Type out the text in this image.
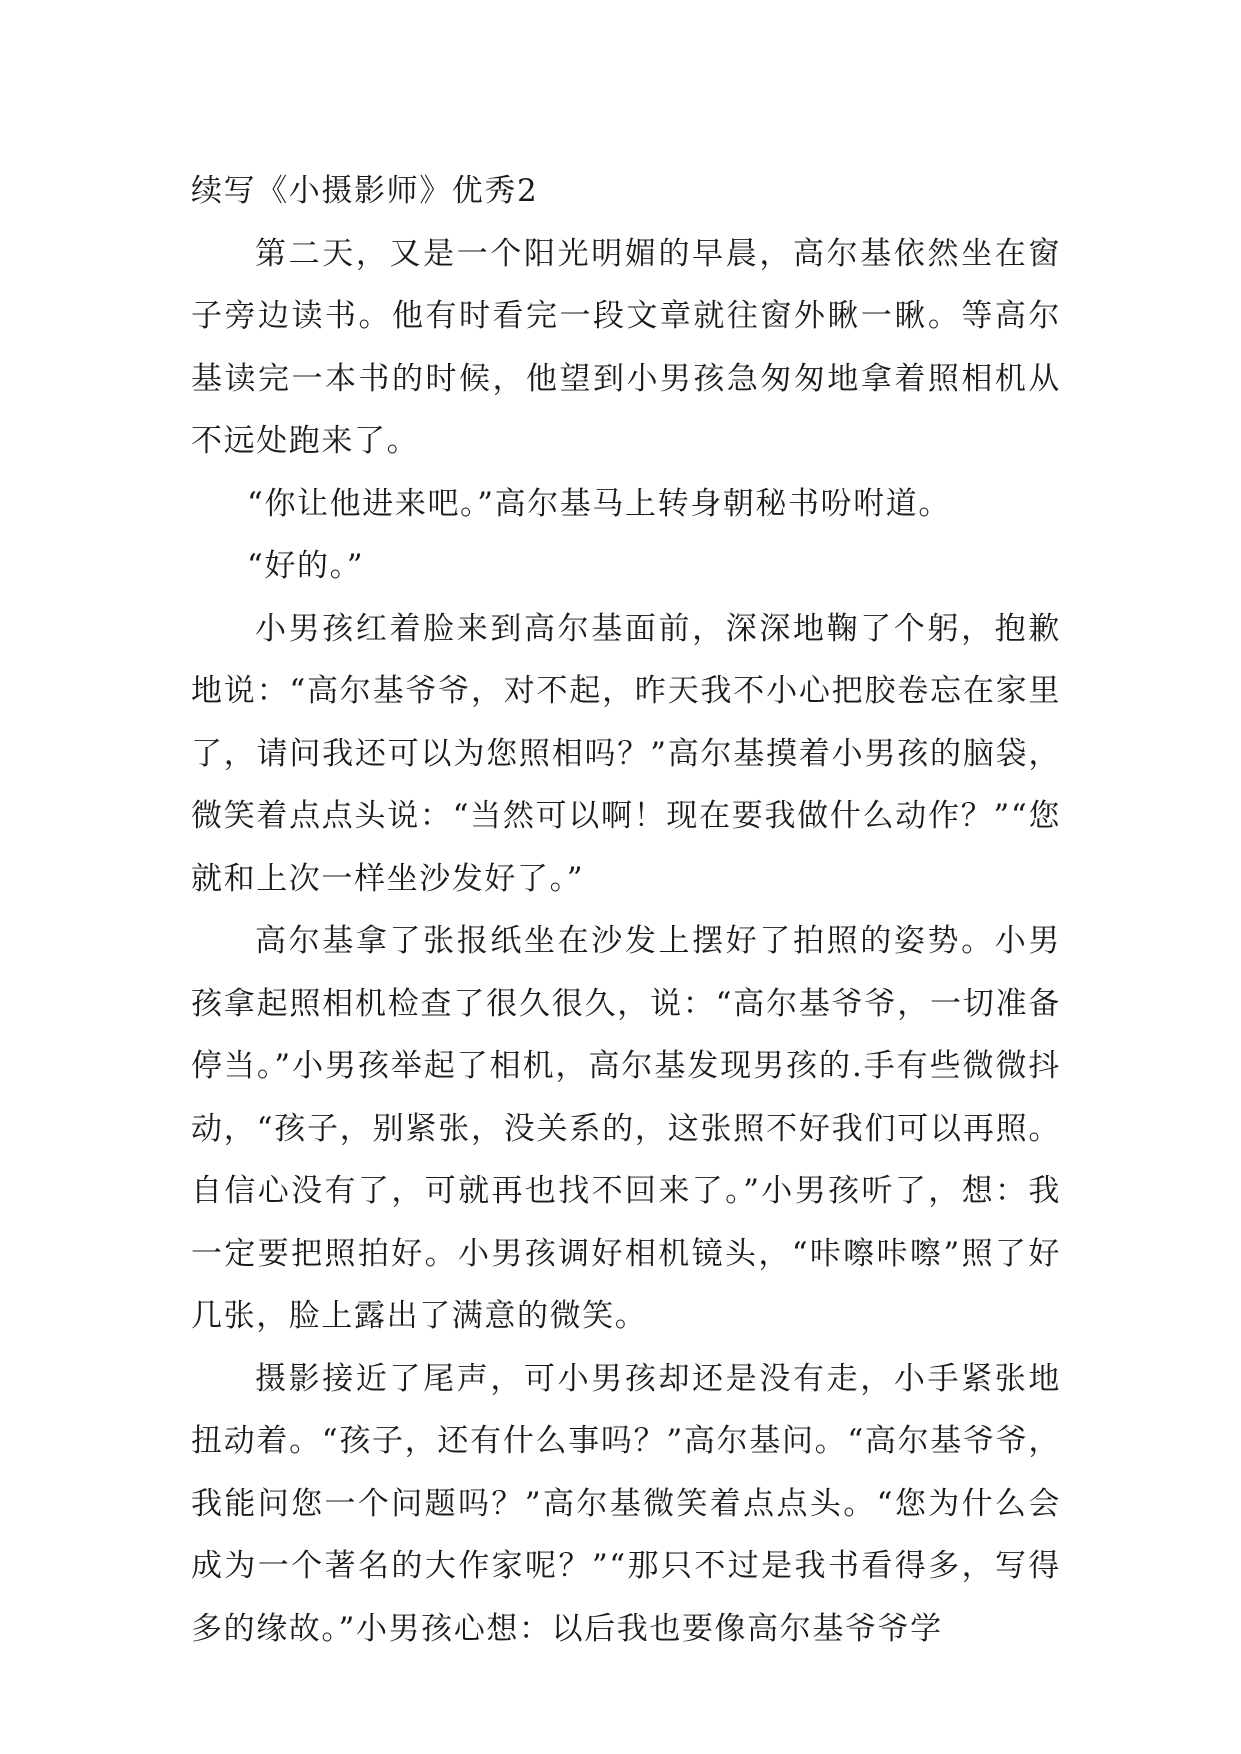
续写《小摄影师》优秀2

第二天，又是一个阳光明媚的早晨，高尔基依然坐在窗子旁边读书。他有时看完一段文章就往窗外瞅一瞅。等高尔基读完一本书的时候，他望到小男孩急匆匆地拿着照相机从不远处跑来了。

“你让他进来吧。”高尔基马上转身朝秘书吩咐道。

“好的。”

小男孩红着脸来到高尔基面前，深深地鞠了个躬，抱歉地说：“高尔基爷爷，对不起，昨天我不小心把胶卷忘在家里了，请问我还可以为您照相吗？”高尔基摸着小男孩的脑袋，微笑着点点头说：“当然可以啊！现在要我做什么动作？”“您就和上次一样坐沙发好了。”

高尔基拿了张报纸坐在沙发上摆好了拍照的姿势。小男孩拿起照相机检查了很久很久，说：“高尔基爷爷，一切准备停当。”小男孩举起了相机，高尔基发现男孩的.手有些微微抖动，“孩子，别紧张，没关系的，这张照不好我们可以再照。自信心没有了，可就再也找不回来了。”小男孩听了，想：我一定要把照拍好。小男孩调好相机镜头，“咔嚓咔嚓”照了好几张，脸上露出了满意的微笑。

摄影接近了尾声，可小男孩却还是没有走，小手紧张地扭动着。“孩子，还有什么事吗？”高尔基问。“高尔基爷爷，我能问您一个问题吗？”高尔基微笑着点点头。“您为什么会成为一个著名的大作家呢？”“那只不过是我书看得多，写得多的缘故。”小男孩心想：以后我也要像高尔基爷爷学
